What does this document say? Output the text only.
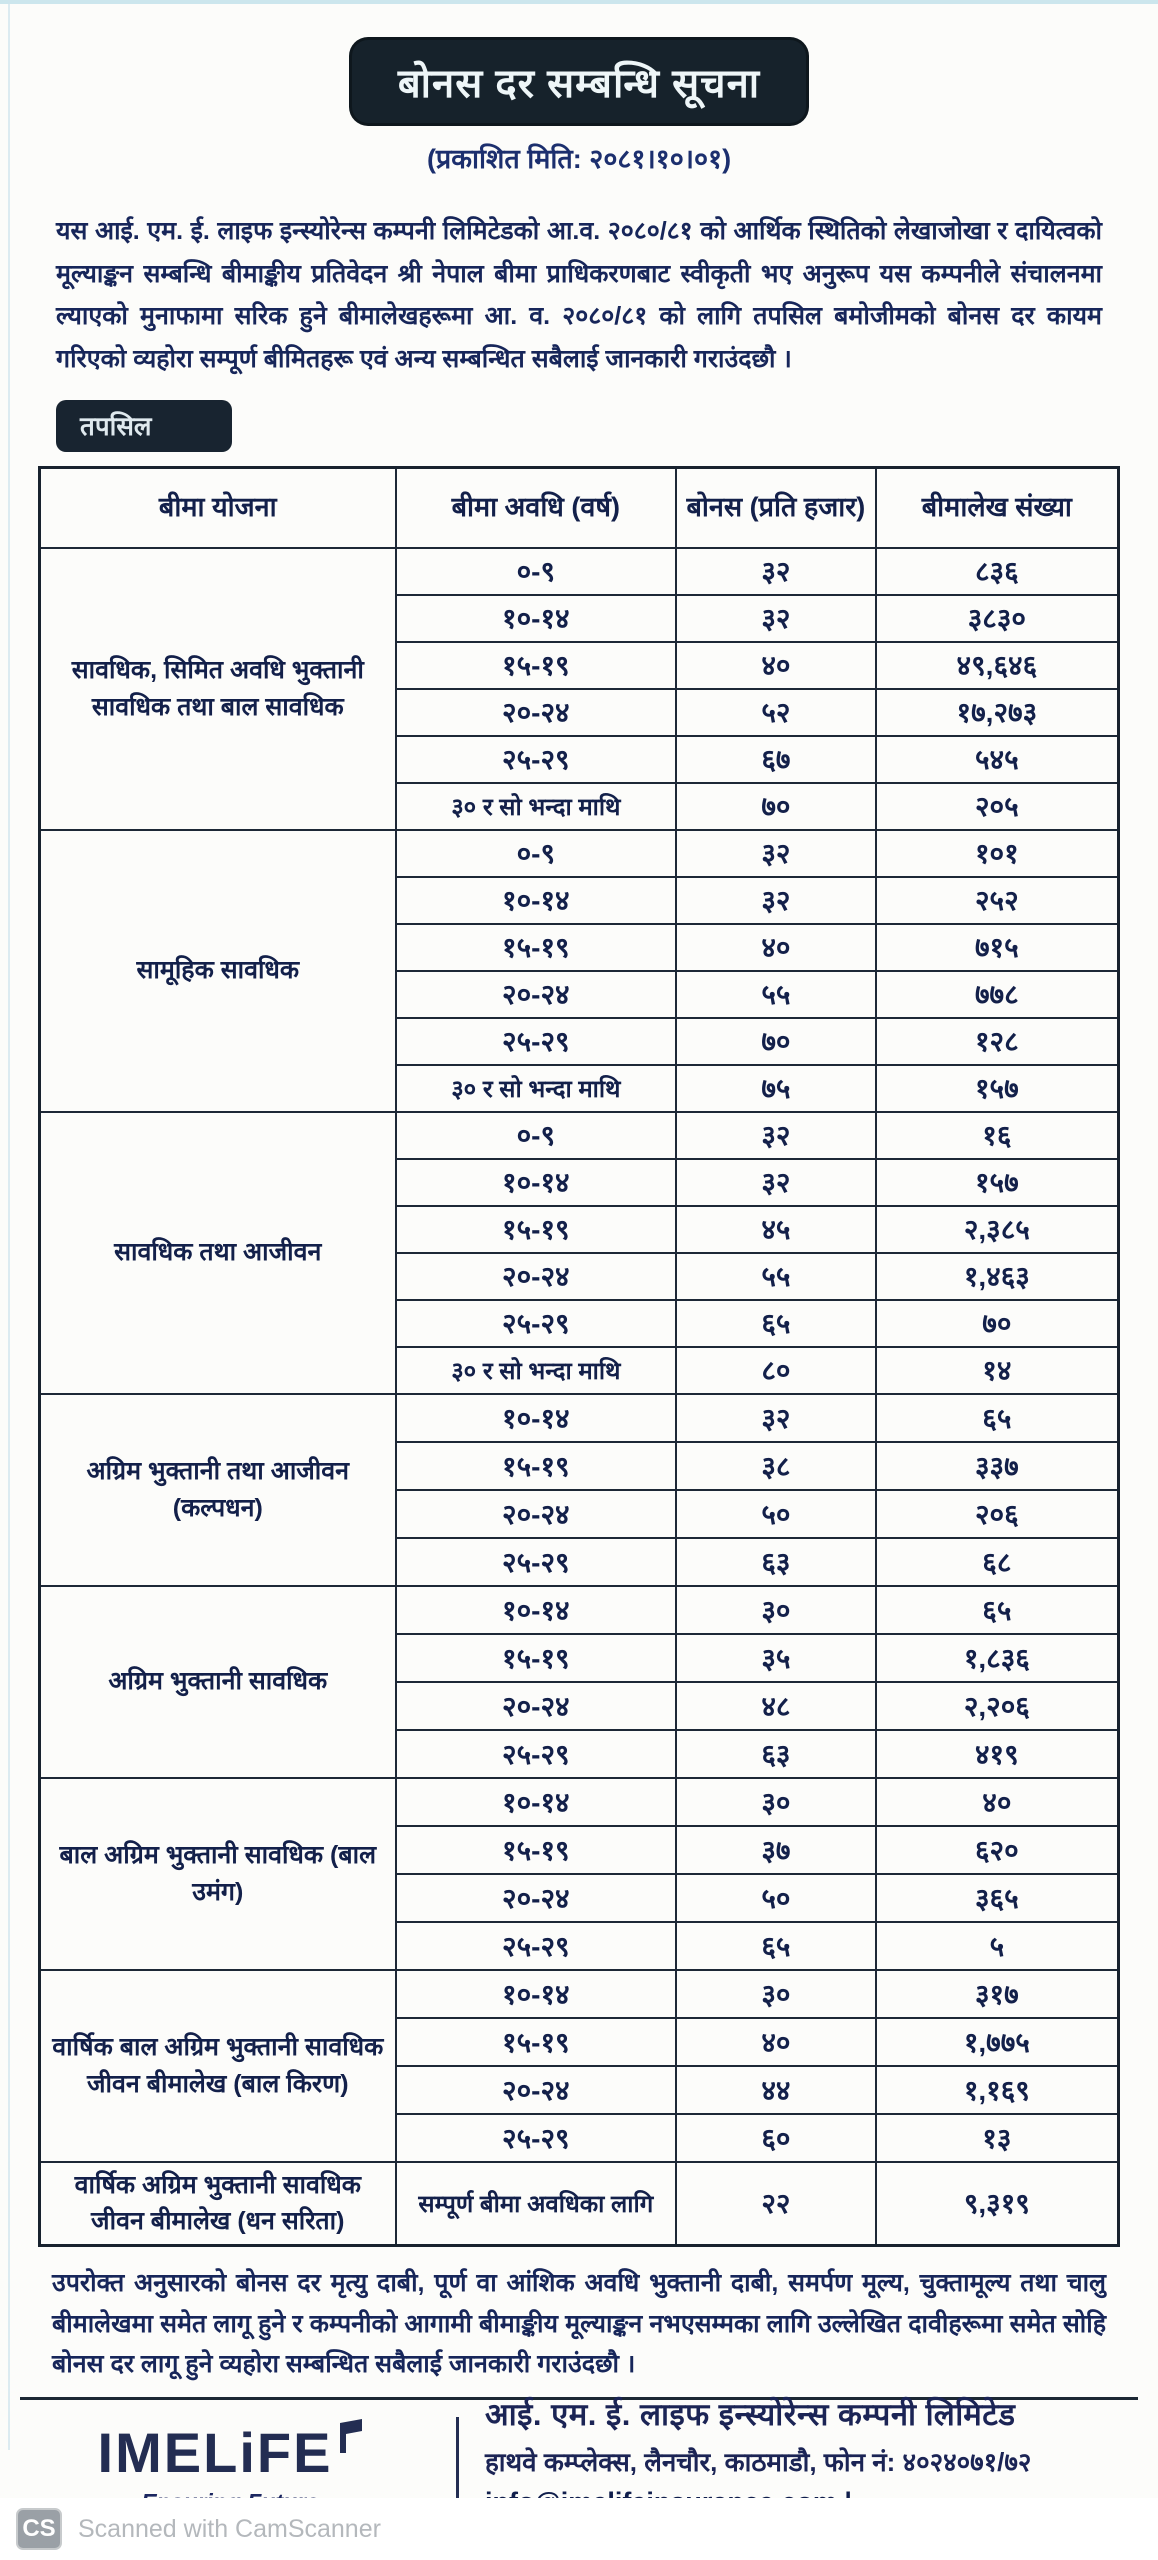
बोनस दर सम्बन्धि सूचना
(प्रकाशित मिति: २०८१।१०।०१)

यस आई. एम. ई. लाइफ इन्स्योरेन्स कम्पनी लिमिटेडको आ.व. २०८०/८१ को आर्थिक स्थितिको लेखाजोखा र दायित्वको मूल्याङ्कन सम्बन्धि बीमाङ्कीय प्रतिवेदन श्री नेपाल बीमा प्राधिकरणबाट स्वीकृती भए अनुरूप यस कम्पनीले संचालनमा ल्याएको मुनाफामा सरिक हुने बीमालेखहरूमा आ. व. २०८०/८१ को लागि तपसिल बमोजीमको बोनस दर कायम गरिएको व्यहोरा सम्पूर्ण बीमितहरू एवं अन्य सम्बन्धित सबैलाई जानकारी गराउंदछौ ।

तपसिल
बीमा योजना	बीमा अवधि (वर्ष)	बोनस (प्रति हजार)	बीमालेख संख्या
सावधिक, सिमित अवधि भुक्तानी सावधिक तथा बाल सावधिक	०-९	३२	८३६
	१०-१४	३२	३८३०
	१५-१९	४०	४९,६४६
	२०-२४	५२	१७,२७३
	२५-२९	६७	५४५
	३० र सो भन्दा माथि	७०	२०५
सामूहिक सावधिक	०-९	३२	१०१
	१०-१४	३२	२५२
	१५-१९	४०	७१५
	२०-२४	५५	७७८
	२५-२९	७०	१२८
	३० र सो भन्दा माथि	७५	१५७
सावधिक तथा आजीवन	०-९	३२	१६
	१०-१४	३२	१५७
	१५-१९	४५	२,३८५
	२०-२४	५५	१,४६३
	२५-२९	६५	७०
	३० र सो भन्दा माथि	८०	१४
अग्रिम भुक्तानी तथा आजीवन (कल्पधन)	१०-१४	३२	६५
	१५-१९	३८	३३७
	२०-२४	५०	२०६
	२५-२९	६३	६८
अग्रिम भुक्तानी सावधिक	१०-१४	३०	६५
	१५-१९	३५	१,८३६
	२०-२४	४८	२,२०६
	२५-२९	६३	४१९
बाल अग्रिम भुक्तानी सावधिक (बाल उमंग)	१०-१४	३०	४०
	१५-१९	३७	६२०
	२०-२४	५०	३६५
	२५-२९	६५	५
वार्षिक बाल अग्रिम भुक्तानी सावधिक जीवन बीमालेख (बाल किरण)	१०-१४	३०	३१७
	१५-१९	४०	१,७७५
	२०-२४	४४	१,१६९
	२५-२९	६०	१३
वार्षिक अग्रिम भुक्तानी सावधिक जीवन बीमालेख (धन सरिता)	सम्पूर्ण बीमा अवधिका लागि	२२	९,३१९

उपरोक्त अनुसारको बोनस दर मृत्यु दाबी, पूर्ण वा आंशिक अवधि भुक्तानी दाबी, समर्पण मूल्य, चुक्तामूल्य तथा चालु बीमालेखमा समेत लागू हुने र कम्पनीको आगामी बीमाङ्कीय मूल्याङ्कन नभएसम्मका लागि उल्लेखित दावीहरूमा समेत सोहि बोनस दर लागू हुने व्यहोरा सम्बन्धित सबैलाई जानकारी गराउंदछौ ।

IMELiFE
आई. एम. ई. लाइफ इन्स्योरेन्स कम्पनी लिमिटेड
हाथवे कम्प्लेक्स, लैनचौर, काठमाडौ, फोन नं: ४०२४०७१/७२
CS Scanned with CamScanner
